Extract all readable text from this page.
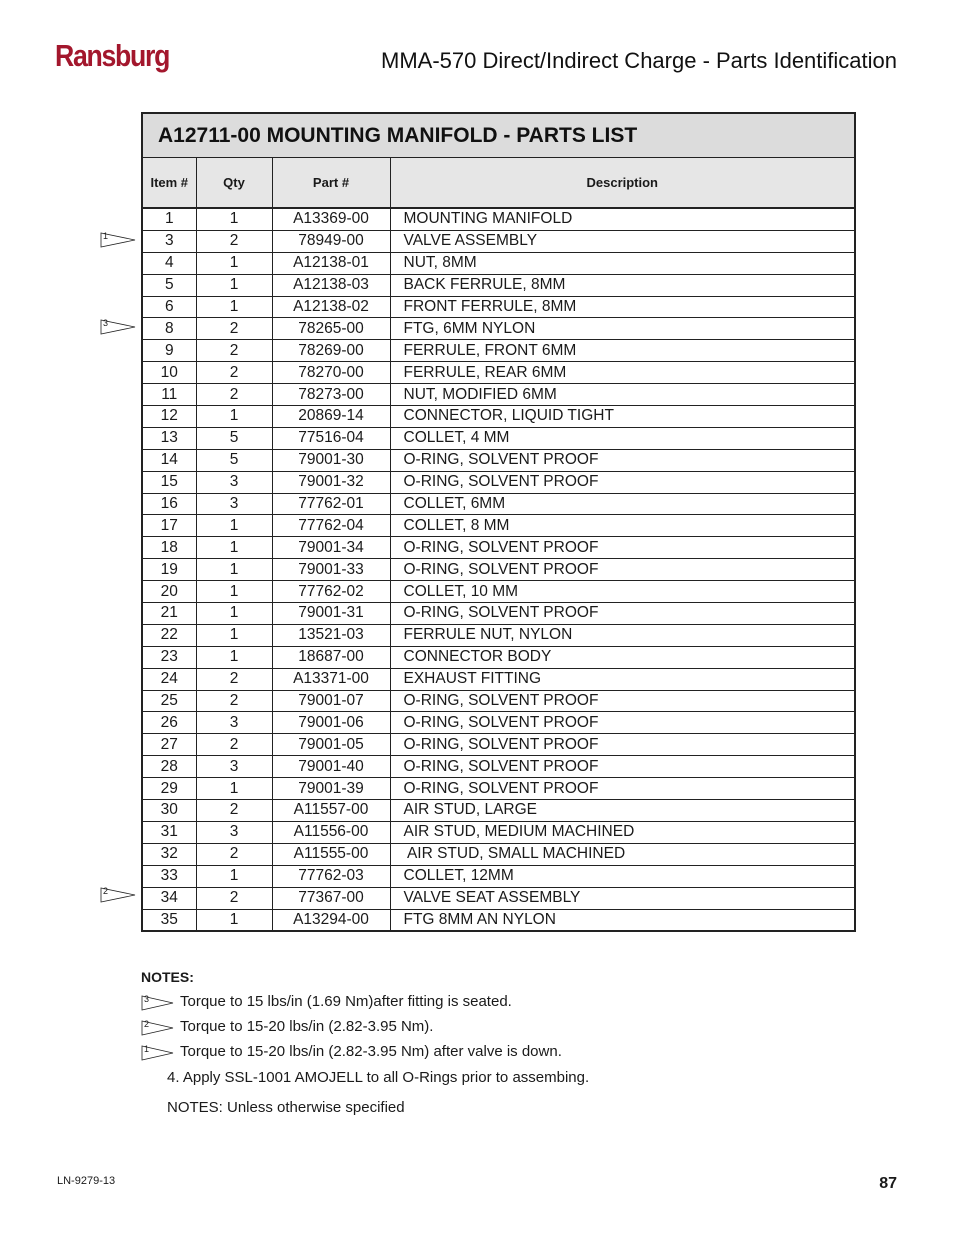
Ransburg	MMA-570 Direct/Indirect Charge - Parts Identification
A12711-00 MOUNTING MANIFOLD - PARTS LIST
Item #	Qty	Part #	Description
1	1	A13369-00	MOUNTING MANIFOLD
3	2	78949-00	VALVE ASSEMBLY
4	1	A12138-01	NUT, 8MM
5	1	A12138-03	BACK FERRULE, 8MM
6	1	A12138-02	FRONT FERRULE, 8MM
8	2	78265-00	FTG, 6MM NYLON
9	2	78269-00	FERRULE, FRONT 6MM
10	2	78270-00	FERRULE, REAR 6MM
11	2	78273-00	NUT, MODIFIED 6MM
12	1	20869-14	CONNECTOR, LIQUID TIGHT
13	5	77516-04	COLLET, 4 MM
14	5	79001-30	O-RING, SOLVENT PROOF
15	3	79001-32	O-RING, SOLVENT PROOF
16	3	77762-01	COLLET, 6MM
17	1	77762-04	COLLET, 8 MM
18	1	79001-34	O-RING, SOLVENT PROOF
19	1	79001-33	O-RING, SOLVENT PROOF
20	1	77762-02	COLLET, 10 MM
21	1	79001-31	O-RING, SOLVENT PROOF
22	1	13521-03	FERRULE NUT, NYLON
23	1	18687-00	CONNECTOR BODY
24	2	A13371-00	EXHAUST FITTING
25	2	79001-07	O-RING, SOLVENT PROOF
26	3	79001-06	O-RING, SOLVENT PROOF
27	2	79001-05	O-RING, SOLVENT PROOF
28	3	79001-40	O-RING, SOLVENT PROOF
29	1	79001-39	O-RING, SOLVENT PROOF
30	2	A11557-00	AIR STUD, LARGE
31	3	A11556-00	AIR STUD, MEDIUM MACHINED
32	2	A11555-00	AIR STUD, SMALL MACHINED
33	1	77762-03	COLLET, 12MM
34	2	77367-00	VALVE SEAT ASSEMBLY
35	1	A13294-00	FTG 8MM AN NYLON
1
3
2
NOTES:
3 Torque to 15 lbs/in (1.69 Nm)after fitting is seated.
2 Torque to 15-20 lbs/in (2.82-3.95 Nm).
1 Torque to 15-20 lbs/in (2.82-3.95 Nm) after valve is down.
4. Apply SSL-1001 AMOJELL to all O-Rings prior to assembing.
NOTES: Unless otherwise specified
LN-9279-13	87
